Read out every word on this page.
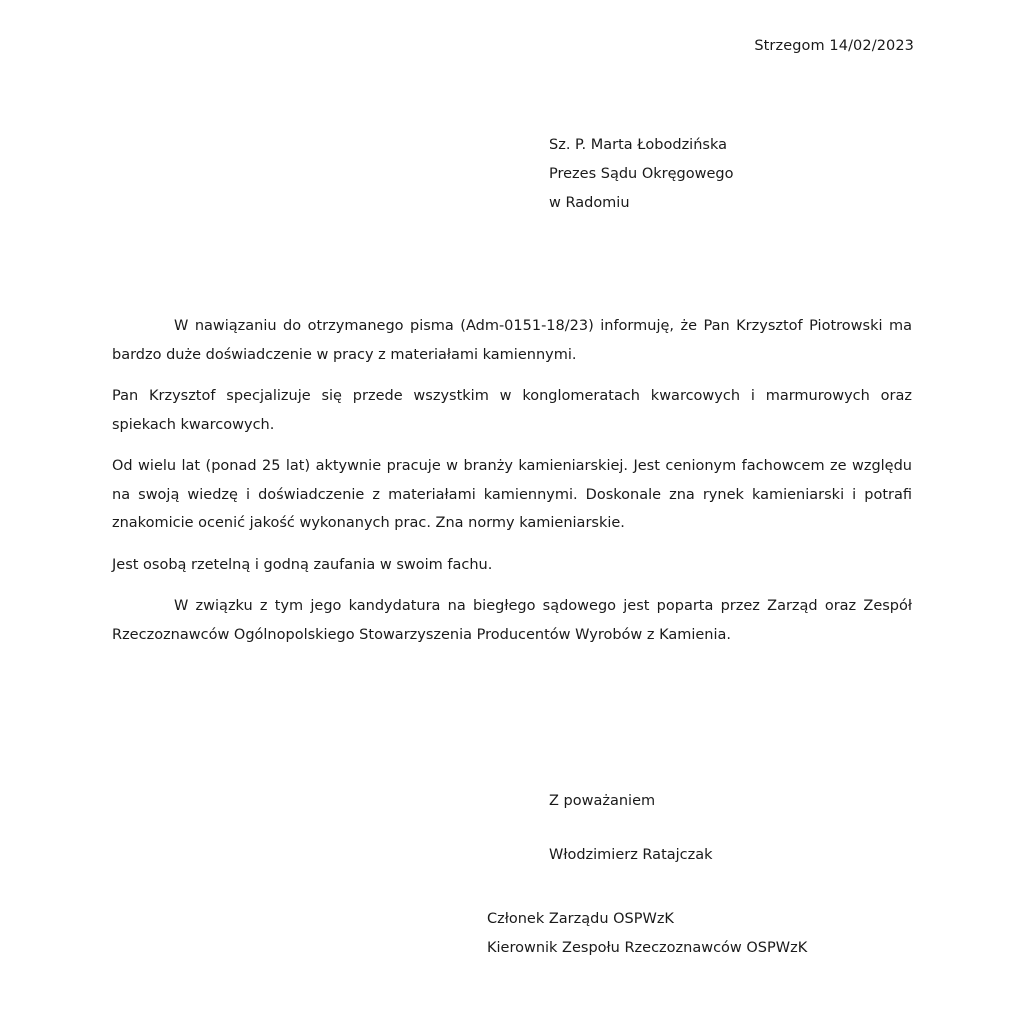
Strzegom 14/02/2023
Sz. P. Marta Łobodzińska
Prezes Sądu Okręgowego
w Radomiu

W nawiązaniu do otrzymanego pisma (Adm-0151-18/23) informuję, że Pan Krzysztof Piotrowski ma bardzo duże doświadczenie w pracy z materiałami kamiennymi.

Pan Krzysztof specjalizuje się przede wszystkim w konglomeratach kwarcowych i marmurowych oraz spiekach kwarcowych.

Od wielu lat (ponad 25 lat) aktywnie pracuje w branży kamieniarskiej. Jest cenionym fachowcem ze względu na swoją wiedzę i doświadczenie z materiałami kamiennymi. Doskonale zna rynek kamieniarski i potrafi znakomicie ocenić jakość wykonanych prac. Zna normy kamieniarskie.

Jest osobą rzetelną i godną zaufania w swoim fachu.

W związku z tym jego kandydatura na biegłego sądowego jest poparta przez Zarząd oraz Zespół Rzeczoznawców Ogólnopolskiego Stowarzyszenia Producentów Wyrobów z Kamienia.

Z poważaniem
Włodzimierz Ratajczak
Członek Zarządu OSPWzK
Kierownik Zespołu Rzeczoznawców OSPWzK
